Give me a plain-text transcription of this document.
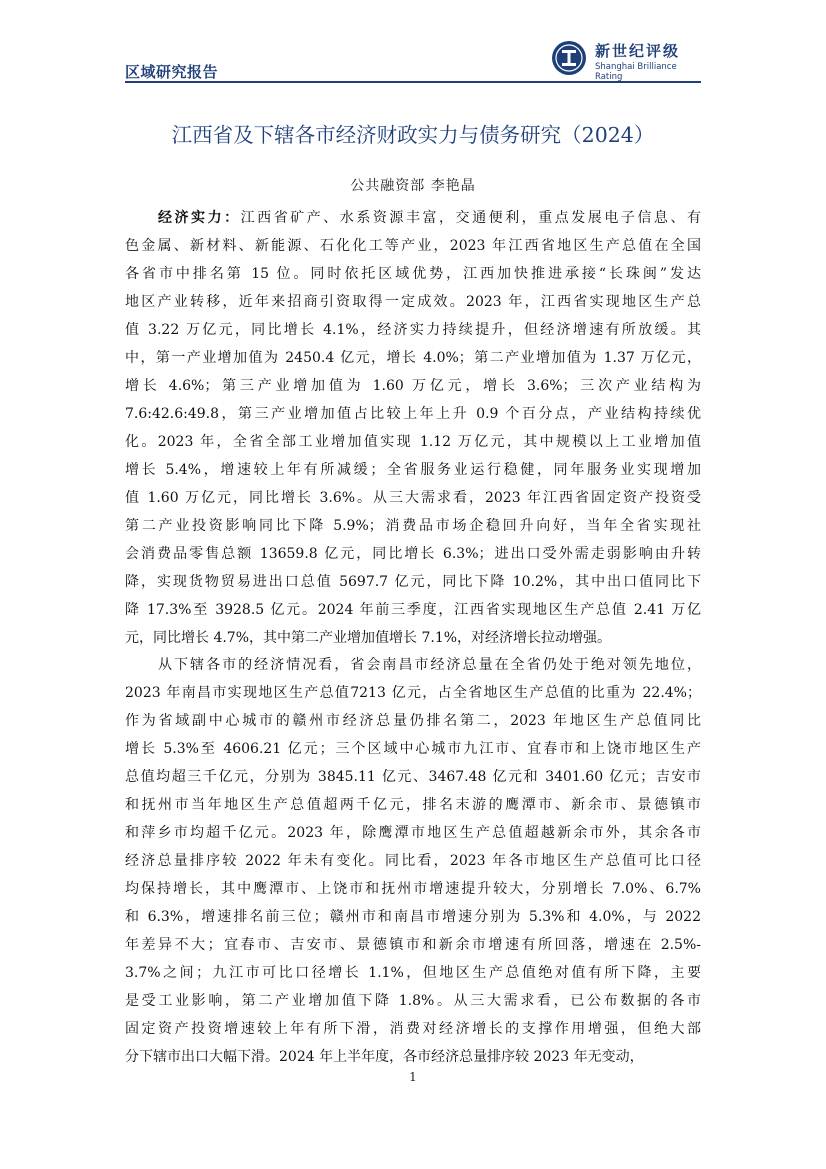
区域研究报告
新世纪评级
Shanghai Brilliance Rating
江西省及下辖各市经济财政实力与债务研究（2024）
公共融资部 李艳晶
经济实力：江西省矿产、水系资源丰富，交通便利，重点发展电子信息、有
色金属、新材料、新能源、石化化工等产业，2023 年江西省地区生产总值在全国
各省市中排名第 15 位。同时依托区域优势，江西加快推进承接“长珠闽”发达
地区产业转移，近年来招商引资取得一定成效。2023 年，江西省实现地区生产总
值 3.22 万亿元，同比增长 4.1%，经济实力持续提升，但经济增速有所放缓。其
中，第一产业增加值为 2450.4 亿元，增长 4.0%；第二产业增加值为 1.37 万亿元，
增长 4.6%；第三产业增加值为 1.60 万亿元，增长 3.6%；三次产业结构为
7.6:42.6:49.8，第三产业增加值占比较上年上升 0.9 个百分点，产业结构持续优
化。2023 年，全省全部工业增加值实现 1.12 万亿元，其中规模以上工业增加值
增长 5.4%，增速较上年有所减缓；全省服务业运行稳健，同年服务业实现增加
值 1.60 万亿元，同比增长 3.6%。从三大需求看，2023 年江西省固定资产投资受
第二产业投资影响同比下降 5.9%；消费品市场企稳回升向好，当年全省实现社
会消费品零售总额 13659.8 亿元，同比增长 6.3%；进出口受外需走弱影响由升转
降，实现货物贸易进出口总值 5697.7 亿元，同比下降 10.2%，其中出口值同比下
降 17.3%至 3928.5 亿元。2024 年前三季度，江西省实现地区生产总值 2.41 万亿
元，同比增长 4.7%，其中第二产业增加值增长 7.1%，对经济增长拉动增强。
从下辖各市的经济情况看，省会南昌市经济总量在全省仍处于绝对领先地位，
2023 年南昌市实现地区生产总值7213 亿元，占全省地区生产总值的比重为 22.4%；
作为省域副中心城市的赣州市经济总量仍排名第二，2023 年地区生产总值同比
增长 5.3%至 4606.21 亿元；三个区域中心城市九江市、宜春市和上饶市地区生产
总值均超三千亿元，分别为 3845.11 亿元、3467.48 亿元和 3401.60 亿元；吉安市
和抚州市当年地区生产总值超两千亿元，排名末游的鹰潭市、新余市、景德镇市
和萍乡市均超千亿元。2023 年，除鹰潭市地区生产总值超越新余市外，其余各市
经济总量排序较 2022 年未有变化。同比看，2023 年各市地区生产总值可比口径
均保持增长，其中鹰潭市、上饶市和抚州市增速提升较大，分别增长 7.0%、6.7%
和 6.3%，增速排名前三位；赣州市和南昌市增速分别为 5.3%和 4.0%，与 2022
年差异不大；宜春市、吉安市、景德镇市和新余市增速有所回落，增速在 2.5%-
3.7%之间；九江市可比口径增长 1.1%，但地区生产总值绝对值有所下降，主要
是受工业影响，第二产业增加值下降 1.8%。从三大需求看，已公布数据的各市
固定资产投资增速较上年有所下滑，消费对经济增长的支撑作用增强，但绝大部
分下辖市出口大幅下滑。2024 年上半年度，各市经济总量排序较 2023 年无变动，
1
